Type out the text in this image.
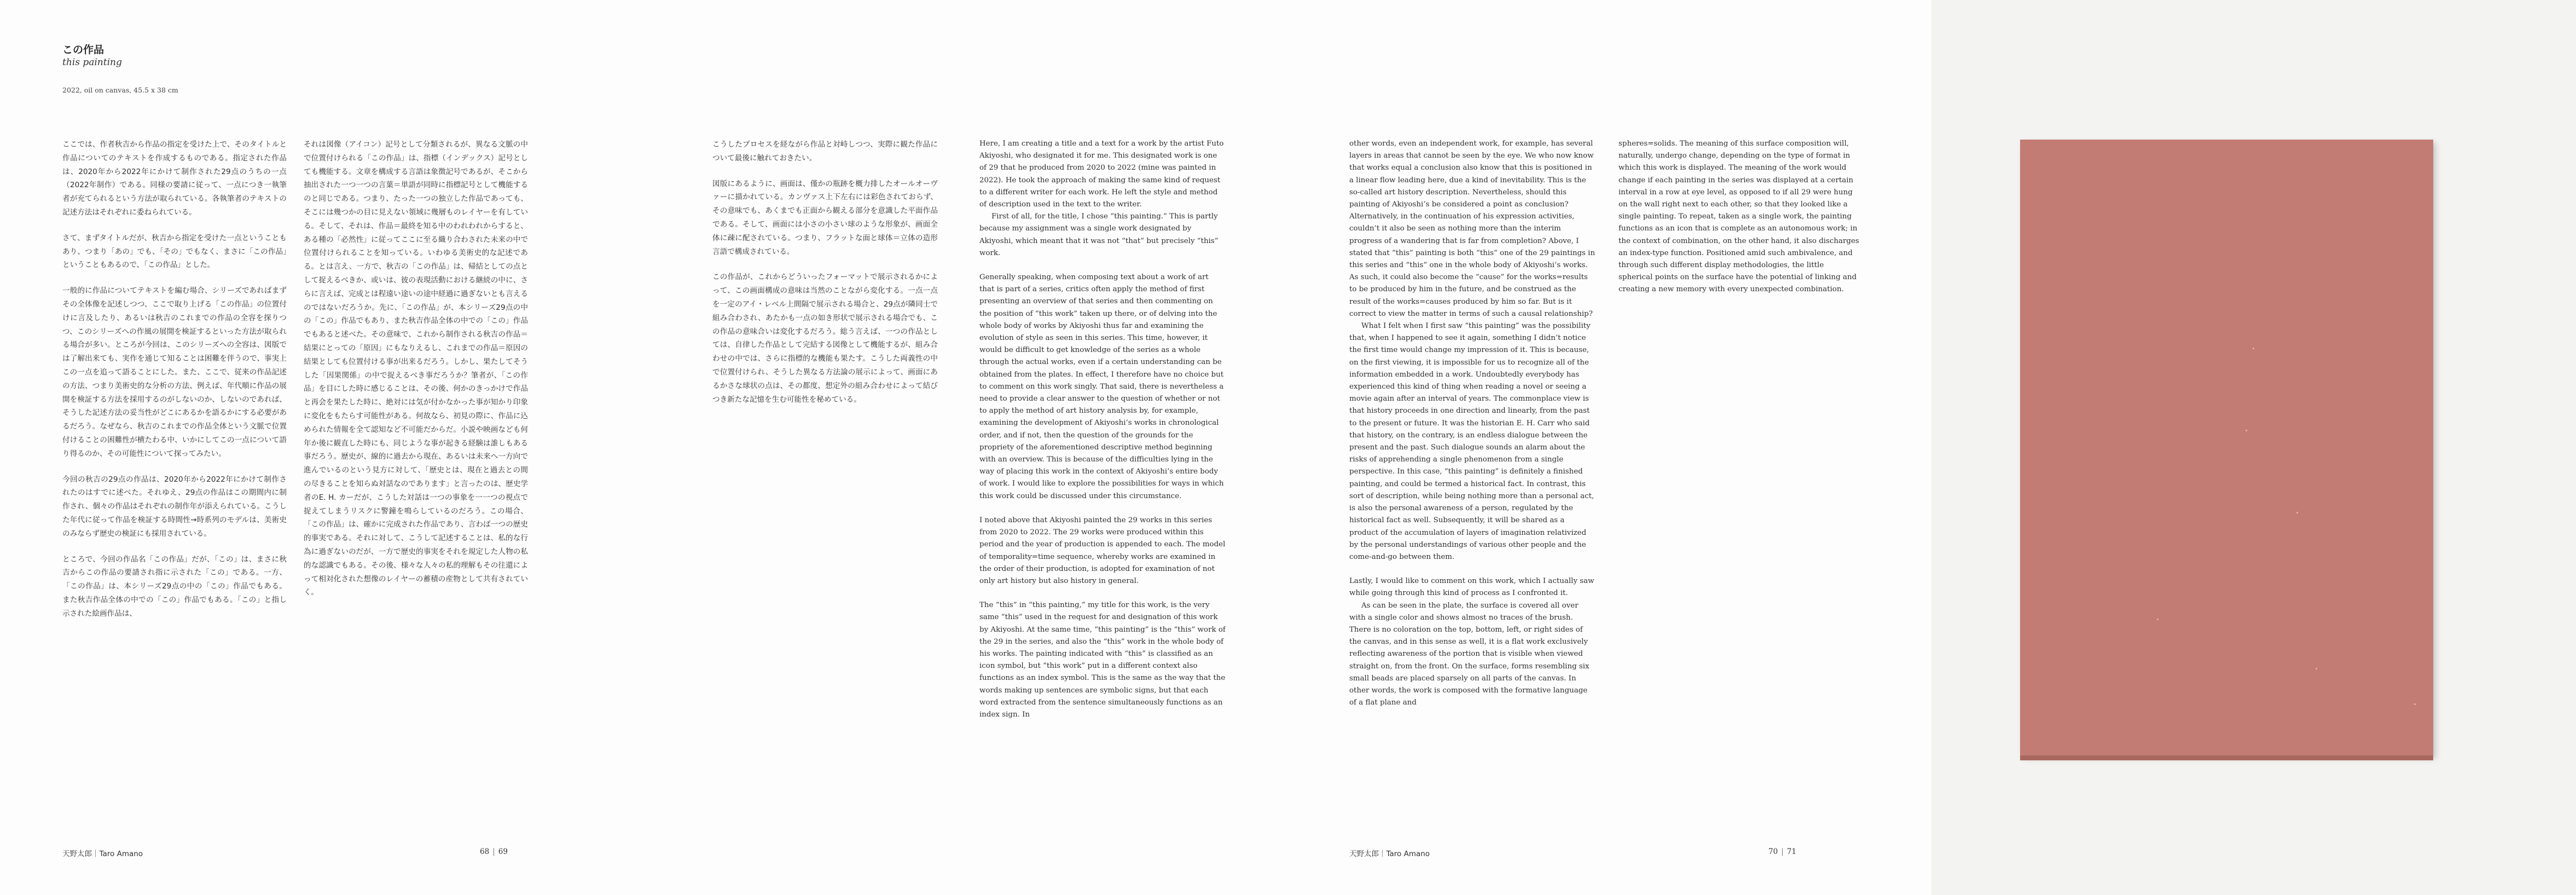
この作品
this painting
2022, oil on canvas, 45.5 x 38 cm

ここでは、作者秋吉から作品の指定を受けた上で、そのタイトルと作品についてのテキストを作成するものである。指定された作品は、2020年から2022年にかけて制作された29点のうちの一点（2022年制作）である。同様の要請に従って、一点につき一執筆者が充てられるという方法が取られている。各執筆者のテキストの記述方法はそれぞれに委ねられている。

さて、まずタイトルだが、秋吉から指定を受けた一点ということもあり、つまり「あの」でも、「その」でもなく、まさに「この作品」ということもあるので、「この作品」とした。

一般的に作品についてテキストを編む場合、シリーズであればまずその全体像を記述しつつ、ここで取り上げる「この作品」の位置付けに言及したり、あるいは秋吉のこれまでの作品の全容を探りつつ、このシリーズへの作風の展開を検証するといった方法が取られる場合が多い。ところが今回は、このシリーズへの全容は、図版では了解出来ても、実作を通じて知ることは困難を伴うので、事実上この一点を追って語ることにした。また、ここで、従来の作品記述の方法、つまり美術史的な分析の方法、例えば、年代順に作品の展開を検証する方法を採用するのがしないのか、しないのであれば、そうした記述方法の妥当性がどこにあるかを語るかにする必要があるだろう。なぜなら、秋吉のこれまでの作品全体という文脈で位置付けることの困難性が横たわる中、いかにしてこの一点について語り得るのか、その可能性について探ってみたい。

今回の秋吉の29点の作品は、2020年から2022年にかけて制作されたのはすでに述べた。それゆえ、29点の作品はこの期間内に制作され、個々の作品はそれぞれの制作年が添えられている。こうした年代に従って作品を検証する時間性→時系列のモデルは、美術史のみならず歴史の検証にも採用されている。

ところで、今回の作品名「この作品」だが、「この」は、まさに秋吉からこの作品の要請され指に示された「この」である。一方、「この作品」は、本シリーズ29点の中の「この」作品でもある。また秋吉作品全体の中での「この」作品でもある。「この」と指し示された絵画作品は、

それは図像（アイコン）記号として分類されるが、異なる文脈の中で位置付けられる「この作品」は、指標（インデックス）記号としても機能する。文章を構成する言語は象徴記号であるが、そこから抽出された一つ一つの言葉＝単語が同時に指標記号として機能するのと同じである。つまり、たった一つの独立した作品であっても、そこには幾つかの目に見えない領域に幾層ものレイヤーを有している。そして、それは、作品＝最終を知る中のわれわれからすると、ある種の「必然性」に従ってここに至る織り合わされた未来の中で位置付けられることを知っている。いわゆる美術史的な記述である。とは言え、一方で、秋吉の「この作品」は、帰結としての点として捉えるべきか、或いは、彼の表現活動における継続の中に、さらに言えば、完成とは程遠い途いの途中経過に過ぎないとも言えるのではないだろうか。先に、「この作品」が、本シリーズ29点の中の「この」作品でもあり、また秋吉作品全体の中での「この」作品でもあると述べた。その意味で、これから制作される秋吉の作品＝結果にとっての「原因」にもなりえるし、これまでの作品＝原因の結果としても位置付ける事が出来るだろう。しかし、果たしてそうした「因果関係」の中で捉えるべき事だろうか？筆者が、「この作品」を目にした時に感じることは、その後、何かのきっかけで作品と再会を果たした時に、絶対には気が付かなかった事が知かり印象に変化をもたらす可能性がある。何故なら、初見の際に、作品に込められた情報を全て認知など不可能だからだ。小説や映画なども何年か後に観直した時にも、同じような事が起きる経験は誰しもある事だろう。歴史が、線的に過去から現在、あるいは未来へ一方向で進んでいるのという見方に対して、「歴史とは、現在と過去との間の尽きることを知らぬ対話なのであります」と言ったのは、歴史学者のE. H. カーだが、こうした対話は一つの事象を一一つの視点で捉えてしまうリスクに警鐘を鳴らしているのだろう。この場合、「この作品」は、確かに完成された作品であり、言わば一つの歴史的事実である。それに対して、こうして記述することは、私的な行為に過ぎないのだが、一方で歴史的事実をそれを規定した人物の私的な認識でもある。その後、様々な人々の私的理解もその往還によって相対化された想像のレイヤーの蓄積の産物として共有されていく。

こうしたプロセスを経ながら作品と対峙しつつ、実際に観た作品について最後に触れておきたい。

図版にあるように、画面は、僅かの瓶跡を概力排したオールオーヴァーに描かれている。カンヴァス上下左右には彩色されておらず、その意味でも、あくまでも正面から観える部分を意識した平面作品である。そして、画面には小さの小さい球のような形象が、画面全体に疎に配されている。つまり、フラットな面と球体＝立体の造形言語で構成されている。

この作品が、これからどういったフォーマットで展示されるかによって、この画面構成の意味は当然のことながら変化する。一点一点を一定のアイ・レベル上間隔で展示される場合と、29点が隣同士で組み合わされ、あたかも一点の如き形状で展示される場合でも、この作品の意味合いは変化するだろう。総う言えば、一つの作品としては、自律した作品として完結する図像として機能するが、組み合わせの中では、さらに指標的な機能も果たす。こうした両義性の中で位置付けられ、そうした異なる方法論の展示によって、画面にあるかさな球状の点は、その都度、想定外の組み合わせによって結びつき新たな記憶を生む可能性を秘めている。

Here, I am creating a title and a text for a work by the artist Futo Akiyoshi, who designated it for me. This designated work is one of 29 that he produced from 2020 to 2022 (mine was painted in 2022). He took the approach of making the same kind of request to a different writer for each work. He left the style and method of description used in the text to the writer.

First of all, for the title, I chose “this painting.” This is partly because my assignment was a single work designated by Akiyoshi, which meant that it was not “that” but precisely “this” work.

Generally speaking, when composing text about a work of art that is part of a series, critics often apply the method of first presenting an overview of that series and then commenting on the position of “this work” taken up there, or of delving into the whole body of works by Akiyoshi thus far and examining the evolution of style as seen in this series. This time, however, it would be difficult to get knowledge of the series as a whole through the actual works, even if a certain understanding can be obtained from the plates. In effect, I therefore have no choice but to comment on this work singly. That said, there is nevertheless a need to provide a clear answer to the question of whether or not to apply the method of art history analysis by, for example, examining the development of Akiyoshi’s works in chronological order, and if not, then the question of the grounds for the propriety of the aforementioned descriptive method beginning with an overview. This is because of the difficulties lying in the way of placing this work in the context of Akiyoshi’s entire body of work. I would like to explore the possibilities for ways in which this work could be discussed under this circumstance.

I noted above that Akiyoshi painted the 29 works in this series from 2020 to 2022. The 29 works were produced within this period and the year of production is appended to each. The model of temporality=time sequence, whereby works are examined in the order of their production, is adopted for examination of not only art history but also history in general.

The “this” in “this painting,” my title for this work, is the very same “this” used in the request for and designation of this work by Akiyoshi. At the same time, “this painting” is the “this” work of the 29 in the series, and also the “this” work in the whole body of his works. The painting indicated with “this” is classified as an icon symbol, but “this work” put in a different context also functions as an index symbol. This is the same as the way that the words making up sentences are symbolic signs, but that each word extracted from the sentence simultaneously functions as an index sign. In

other words, even an independent work, for example, has several layers in areas that cannot be seen by the eye. We who now know that works equal a conclusion also know that this is positioned in a linear flow leading here, due a kind of inevitability. This is the so-called art history description. Nevertheless, should this painting of Akiyoshi’s be considered a point as conclusion? Alternatively, in the continuation of his expression activities, couldn’t it also be seen as nothing more than the interim progress of a wandering that is far from completion? Above, I stated that “this” painting is both “this” one of the 29 paintings in this series and “this” one in the whole body of Akiyoshi’s works. As such, it could also become the “cause” for the works=results to be produced by him in the future, and be construed as the result of the works=causes produced by him so far. But is it correct to view the matter in terms of such a causal relationship?

What I felt when I first saw “this painting” was the possibility that, when I happened to see it again, something I didn’t notice the first time would change my impression of it. This is because, on the first viewing, it is impossible for us to recognize all of the information embedded in a work. Undoubtedly everybody has experienced this kind of thing when reading a novel or seeing a movie again after an interval of years. The commonplace view is that history proceeds in one direction and linearly, from the past to the present or future. It was the historian E. H. Carr who said that history, on the contrary, is an endless dialogue between the present and the past. Such dialogue sounds an alarm about the risks of apprehending a single phenomenon from a single perspective. In this case, “this painting” is definitely a finished painting, and could be termed a historical fact. In contrast, this sort of description, while being nothing more than a personal act, is also the personal awareness of a person, regulated by the historical fact as well. Subsequently, it will be shared as a product of the accumulation of layers of imagination relativized by the personal understandings of various other people and the come-and-go between them.

Lastly, I would like to comment on this work, which I actually saw while going through this kind of process as I confronted it.

As can be seen in the plate, the surface is covered all over with a single color and shows almost no traces of the brush. There is no coloration on the top, bottom, left, or right sides of the canvas, and in this sense as well, it is a flat work exclusively reflecting awareness of the portion that is visible when viewed straight on, from the front. On the surface, forms resembling six small beads are placed sparsely on all parts of the canvas. In other words, the work is composed with the formative language of a flat plane and

spheres=solids. The meaning of this surface composition will, naturally, undergo change, depending on the type of format in which this work is displayed. The meaning of the work would change if each painting in the series was displayed at a certain interval in a row at eye level, as opposed to if all 29 were hung on the wall right next to each other, so that they looked like a single painting. To repeat, taken as a single work, the painting functions as an icon that is complete as an autonomous work; in the context of combination, on the other hand, it also discharges an index-type function. Positioned amid such ambivalence, and through such different display methodologies, the little spherical points on the surface have the potential of linking and creating a new memory with every unexpected combination.

天野太郎｜Taro Amano	68 | 69	天野太郎｜Taro Amano	70 | 71
